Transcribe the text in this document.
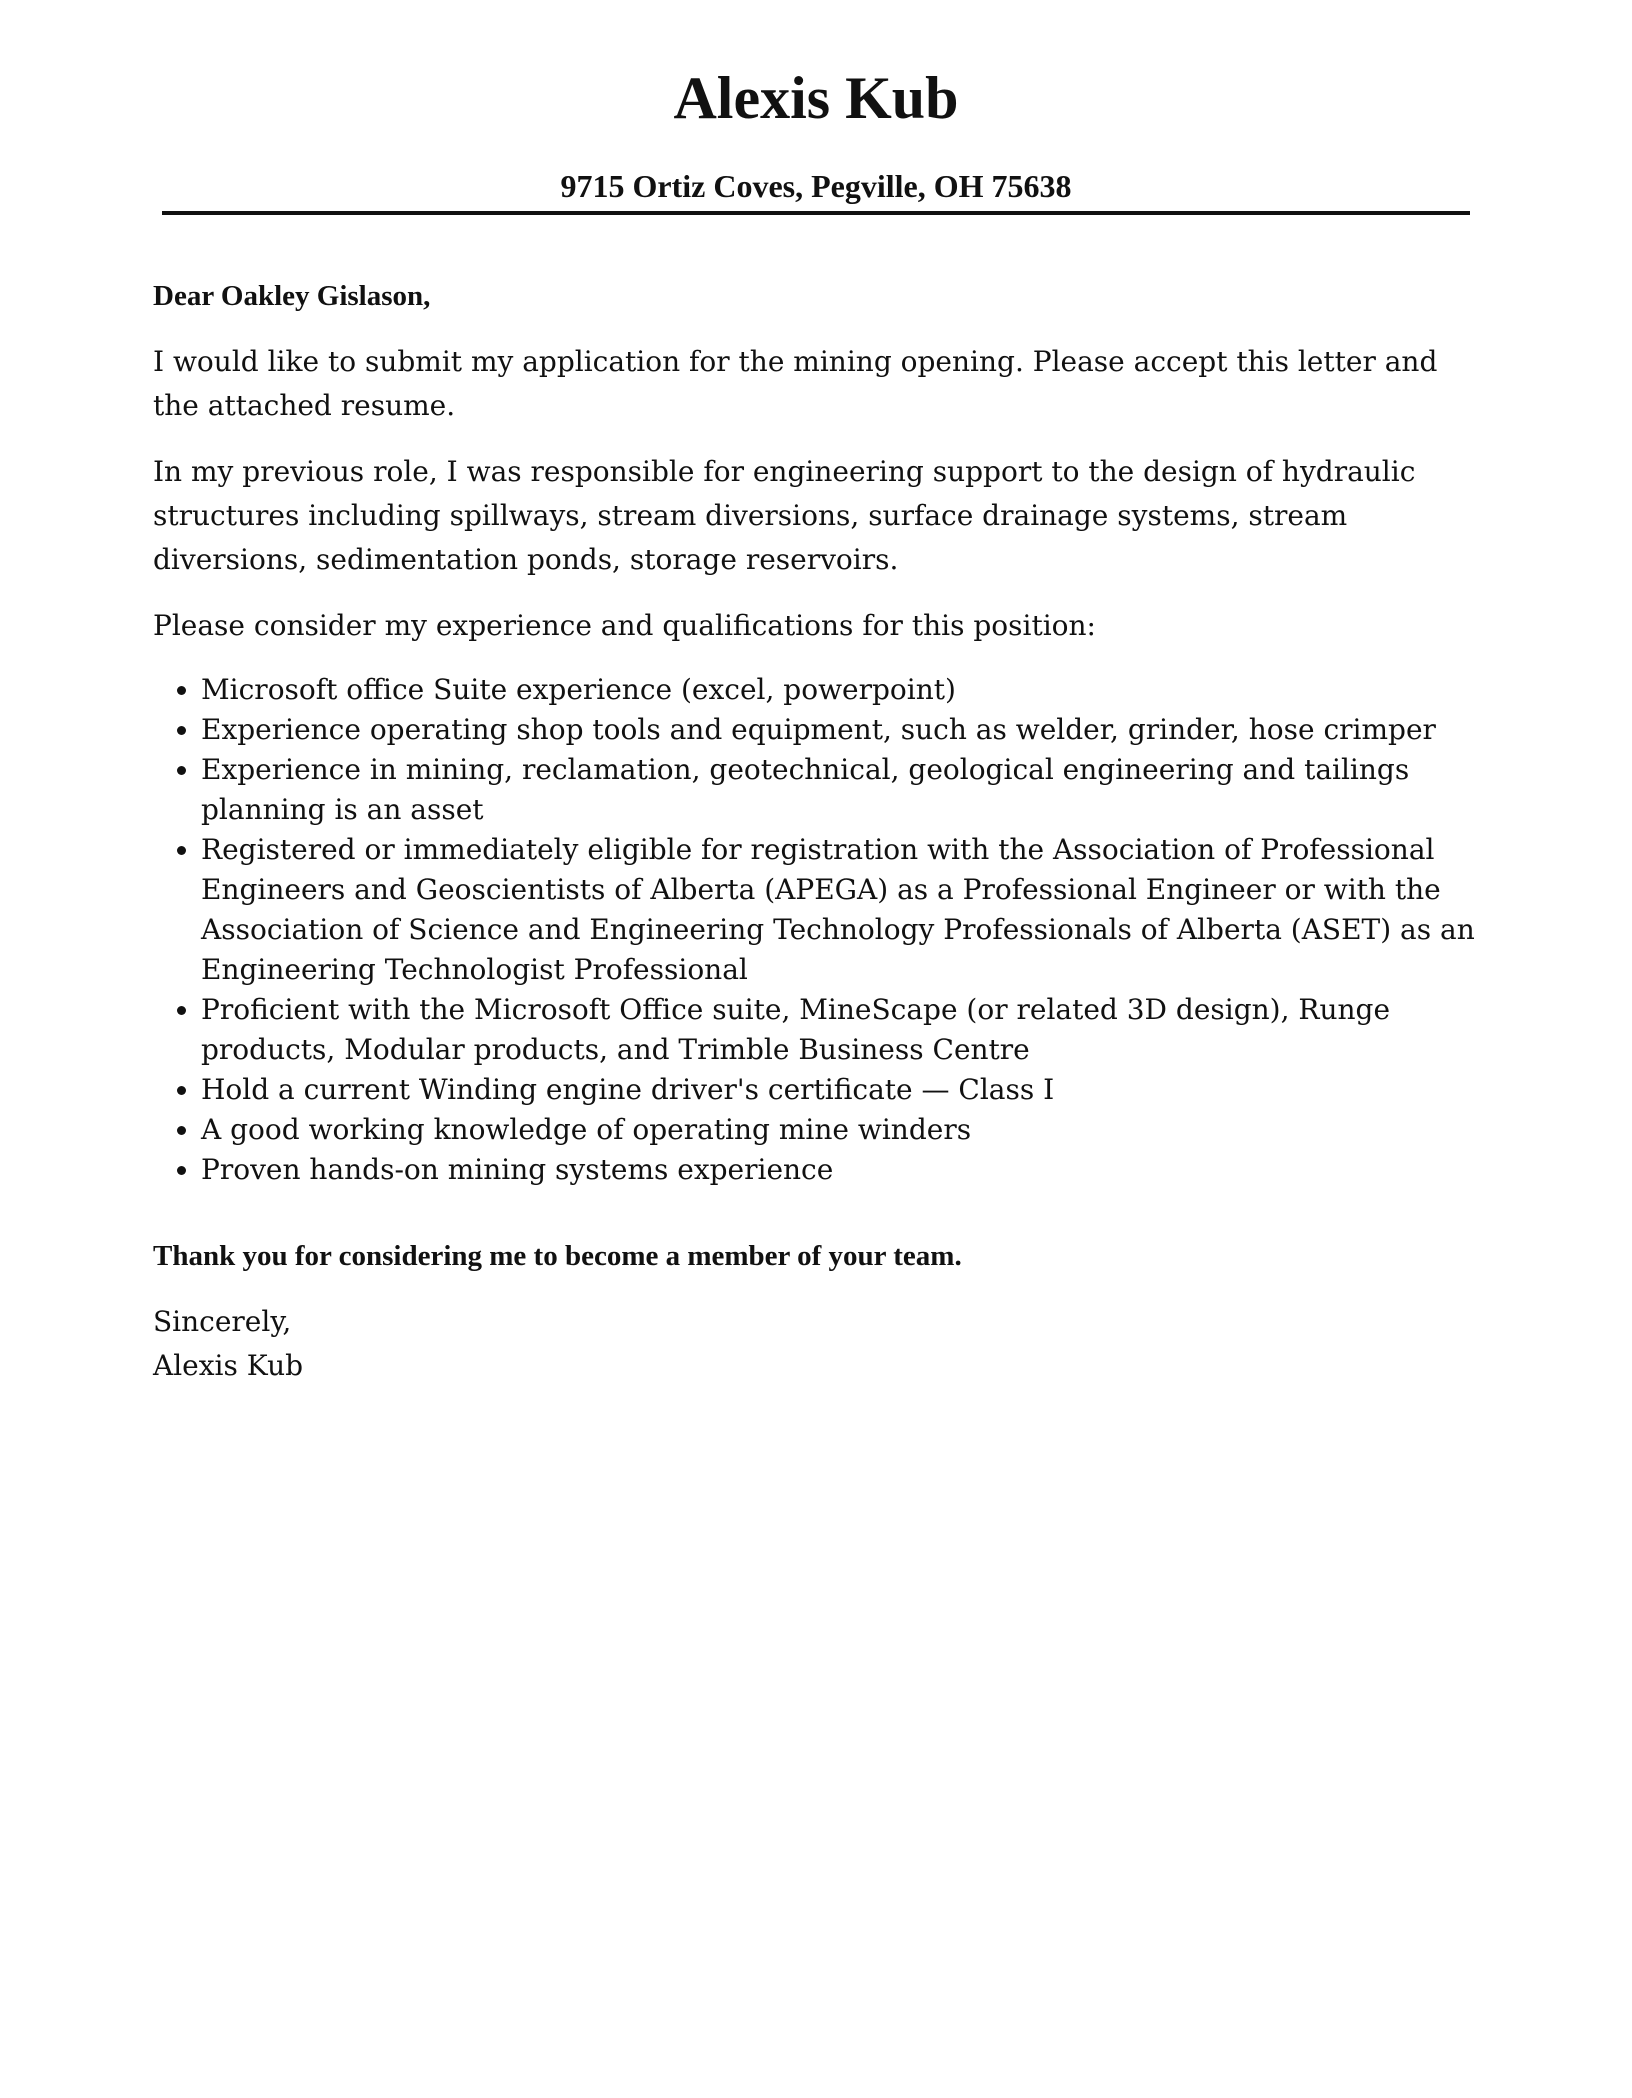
Alexis Kub

9715 Ortiz Coves, Pegville, OH 75638

Dear Oakley Gislason,

I would like to submit my application for the mining opening. Please accept this letter and the attached resume.

In my previous role, I was responsible for engineering support to the design of hydraulic structures including spillways, stream diversions, surface drainage systems, stream diversions, sedimentation ponds, storage reservoirs.

Please consider my experience and qualifications for this position:

Microsoft office Suite experience (excel, powerpoint)
Experience operating shop tools and equipment, such as welder, grinder, hose crimper
Experience in mining, reclamation, geotechnical, geological engineering and tailings planning is an asset
Registered or immediately eligible for registration with the Association of Professional Engineers and Geoscientists of Alberta (APEGA) as a Professional Engineer or with the Association of Science and Engineering Technology Professionals of Alberta (ASET) as an Engineering Technologist Professional
Proficient with the Microsoft Office suite, MineScape (or related 3D design), Runge products, Modular products, and Trimble Business Centre
Hold a current Winding engine driver's certificate — Class I
A good working knowledge of operating mine winders
Proven hands-on mining systems experience

Thank you for considering me to become a member of your team.

Sincerely,

Alexis Kub
